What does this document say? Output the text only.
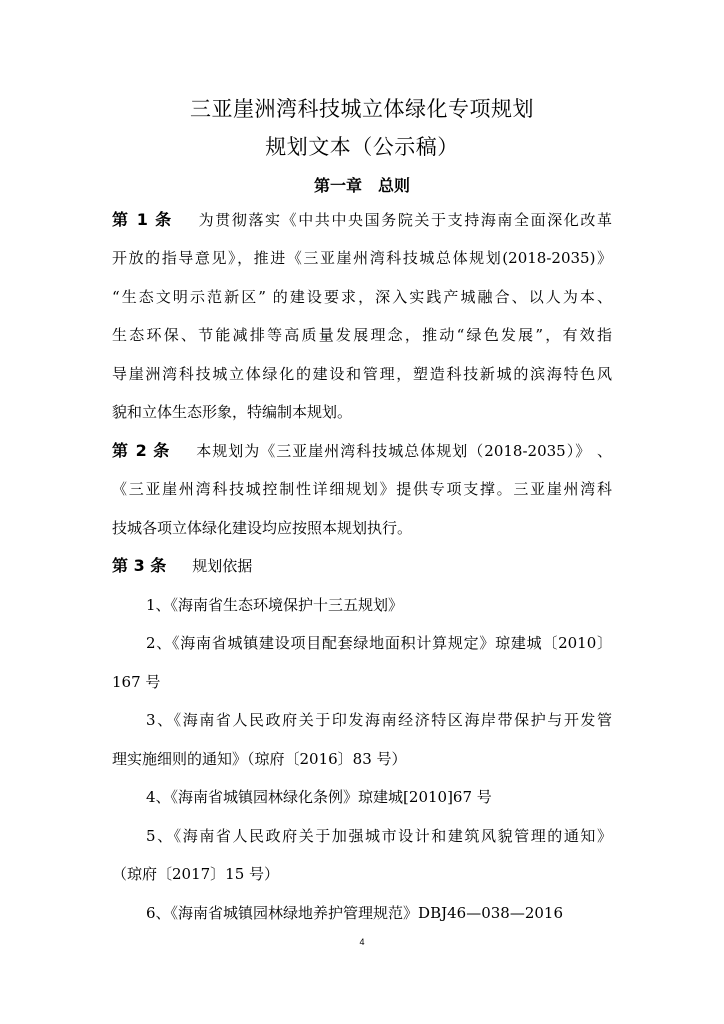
三亚崖洲湾科技城立体绿化专项规划
规划文本（公示稿）
第一章　总则
第 1 条 为贯彻落实《中共中央国务院关于支持海南全面深化改革
开放的指导意见》，推进《三亚崖州湾科技城总体规划(2018-2035)》
“生态文明示范新区” 的建设要求，深入实践产城融合、以人为本、
生态环保、节能减排等高质量发展理念，推动“绿色发展”，有效指
导崖洲湾科技城立体绿化的建设和管理，塑造科技新城的滨海特色风
貌和立体生态形象，特编制本规划。
第 2 条 本规划为《三亚崖州湾科技城总体规划（2018-2035）》 、
《三亚崖州湾科技城控制性详细规划》提供专项支撑。三亚崖州湾科
技城各项立体绿化建设均应按照本规划执行。
第 3 条 规划依据
1、《海南省生态环境保护十三五规划》
2、《海南省城镇建设项目配套绿地面积计算规定》琼建城〔2010〕
167 号
3、《海南省人民政府关于印发海南经济特区海岸带保护与开发管
理实施细则的通知》（琼府〔2016〕83 号）
4、《海南省城镇园林绿化条例》琼建城[2010]67 号
5、《海南省人民政府关于加强城市设计和建筑风貌管理的通知》
（琼府〔2017〕15 号）
6、《海南省城镇园林绿地养护管理规范》DBJ46—038—2016
4
